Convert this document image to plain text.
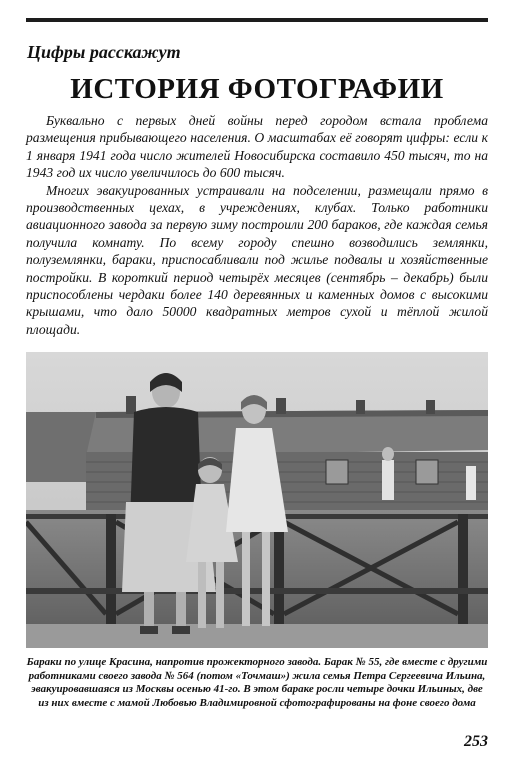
Цифры расскажут
ИСТОРИЯ ФОТОГРАФИИ

Буквально с первых дней войны перед городом встала проблема размещения прибывающего населения. О масштабах её говорят цифры: если к 1 января 1941 года число жителей Новосибирска составило 450 тысяч, то на 1943 год их число увеличилось до 600 тысяч.

Многих эвакуированных устраивали на подселении, размещали прямо в производственных цехах, в учреждениях, клубах. Только работники авиационного завода за первую зиму построили 200 бараков, где каждая семья получила комнату. По всему городу спешно возводились землянки, полуземлянки, бараки, приспосабливали под жилье подвалы и хозяйственные постройки. В короткий период четырёх месяцев (сентябрь – декабрь) были приспособлены чердаки более 140 деревянных и каменных домов с высокими крышами, что дало 50000 квадратных метров сухой и тёплой жилой площади.

Бараки по улице Красина, напротив прожекторного завода. Барак № 55, где вместе с другими работниками своего завода № 564 (потом «Точмаш») жила семья Петра Сергеевича Ильина, эвакуировавшаяся из Москвы осенью 41-го. В этом бараке росли четыре дочки Ильиных, две из них вместе с мамой Любовью Владимировной сфотографированы на фоне своего дома
253
